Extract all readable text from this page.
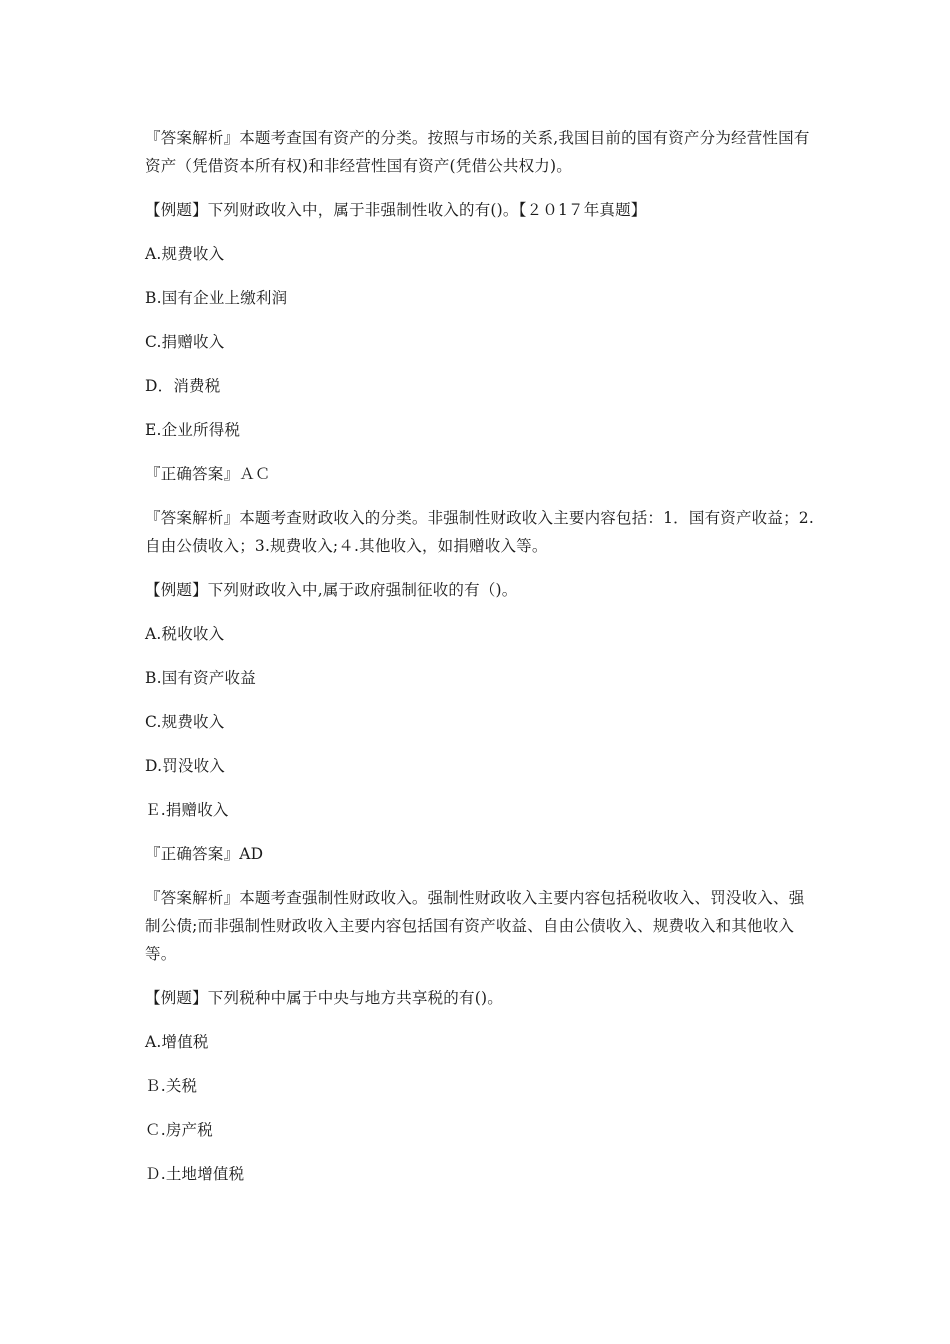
『答案解析』本题考查国有资产的分类。按照与市场的关系,我国目前的国有资产分为经营性国有资产（凭借资本所有权)和非经营性国有资产(凭借公共权力)。

【例题】下列财政收入中，属于非强制性收入的有()。【２０1７年真题】

A.规费收入

B.国有企业上缴利润

C.捐赠收入

D．消费税

E.企业所得税

『正确答案』ＡＣ

『答案解析』本题考查财政收入的分类。非强制性财政收入主要内容包括：1．国有资产收益；2.自由公债收入；3.规费收入;４.其他收入，如捐赠收入等。

【例题】下列财政收入中,属于政府强制征收的有（)。

A.税收收入

B.国有资产收益

C.规费收入

D.罚没收入

Ｅ.捐赠收入

『正确答案』AD

『答案解析』本题考查强制性财政收入。强制性财政收入主要内容包括税收收入、罚没收入、强制公债;而非强制性财政收入主要内容包括国有资产收益、自由公债收入、规费收入和其他收入等。

【例题】下列税种中属于中央与地方共享税的有()。

A.增值税

Ｂ.关税

Ｃ.房产税

Ｄ.土地增值税
